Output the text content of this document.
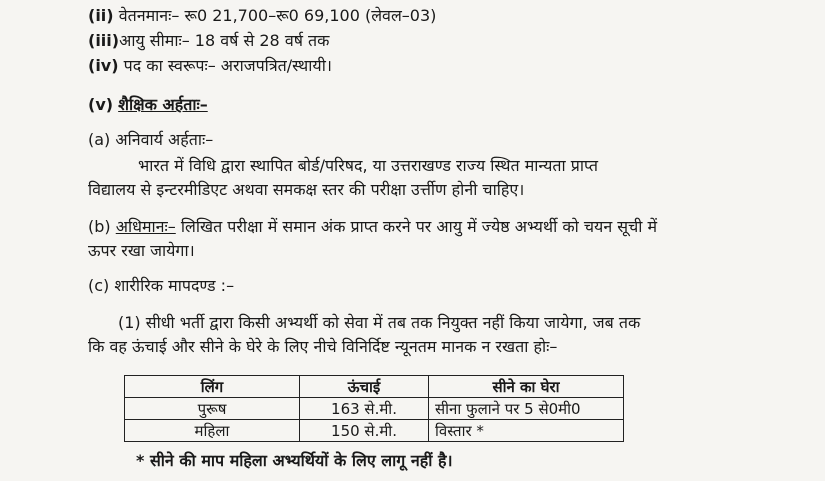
(ii) वेतनमानः– रू0 21,700–रू0 69,100 (लेवल–03)
(iii)आयु सीमाः– 18 वर्ष से 28 वर्ष तक
(iv) पद का स्वरूपः– अराजपत्रित/स्थायी।
(v) शैक्षिक अर्हताः–
(a) अनिवार्य अर्हताः–
भारत में विधि द्वारा स्थापित बोर्ड/परिषद, या उत्तराखण्ड राज्य स्थित मान्यता प्राप्त
विद्यालय से इन्टरमीडिएट अथवा समकक्ष स्तर की परीक्षा उर्त्तीण होनी चाहिए।
(b) अधिमानः– लिखित परीक्षा में समान अंक प्राप्त करने पर आयु में ज्येष्ठ अभ्यर्थी को चयन सूची में
ऊपर रखा जायेगा।
(c) शारीरिक मापदण्ड :–
(1) सीधी भर्ती द्वारा किसी अभ्यर्थी को सेवा में तब तक नियुक्त नहीं किया जायेगा, जब तक
कि वह ऊंचाई और सीने के घेरे के लिए नीचे विनिर्दिष्ट न्यूनतम मानक न रखता होः–
लिंग	ऊंचाई	सीने का घेरा
पुरूष	163 से.मी.	सीना फुलाने पर 5 से0मी0
महिला	150 से.मी.	विस्तार *
* सीने की माप महिला अभ्यर्थियों के लिए लागू नहीं है।
